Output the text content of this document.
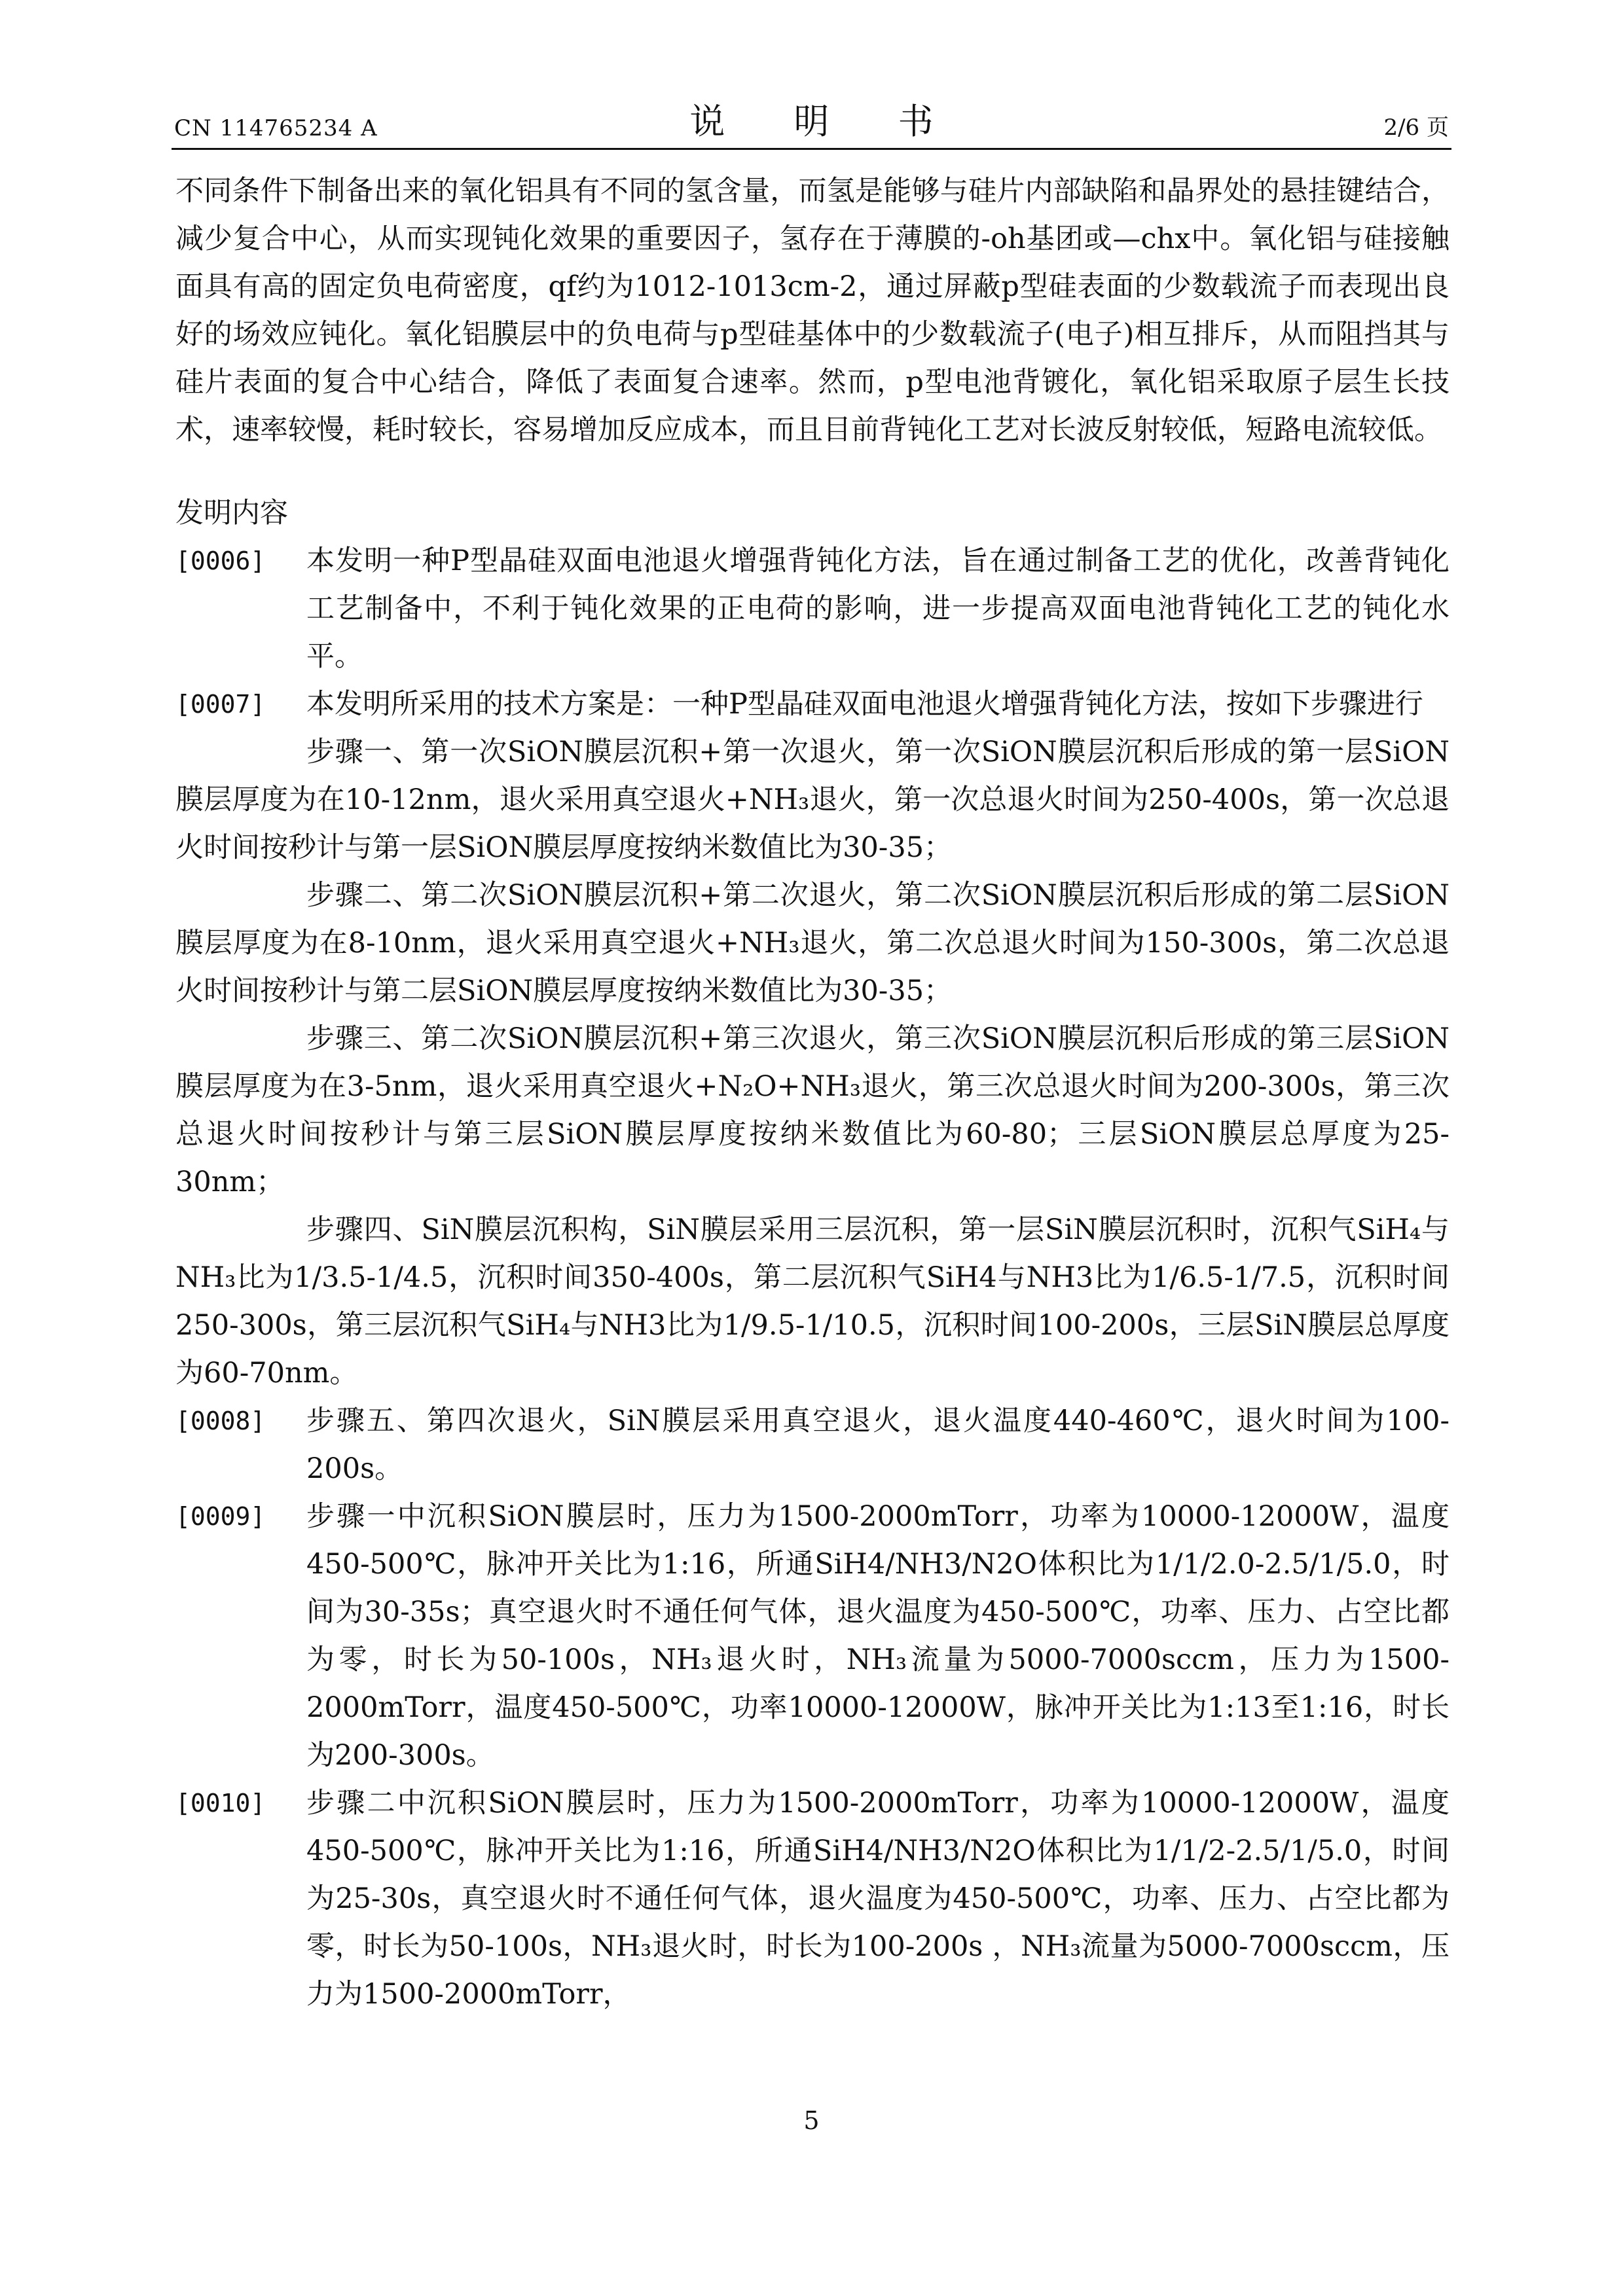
CN 114765234 A	说 明 书	2/6 页

不同条件下制备出来的氧化铝具有不同的氢含量，而氢是能够与硅片内部缺陷和晶界处的悬挂键结合，减少复合中心，从而实现钝化效果的重要因子，氢存在于薄膜的-oh基团或—chx中。氧化铝与硅接触面具有高的固定负电荷密度，qf约为1012-1013cm-2，通过屏蔽p型硅表面的少数载流子而表现出良好的场效应钝化。氧化铝膜层中的负电荷与p型硅基体中的少数载流子(电子)相互排斥，从而阻挡其与硅片表面的复合中心结合，降低了表面复合速率。然而，p型电池背镀化，氧化铝采取原子层生长技术，速率较慢，耗时较长，容易增加反应成本，而且目前背钝化工艺对长波反射较低，短路电流较低。

发明内容

[0006]	本发明一种P型晶硅双面电池退火增强背钝化方法，旨在通过制备工艺的优化，改善背钝化工艺制备中，不利于钝化效果的正电荷的影响，进一步提高双面电池背钝化工艺的钝化水平。
[0007]	本发明所采用的技术方案是：一种P型晶硅双面电池退火增强背钝化方法，按如下步骤进行

步骤一、第一次SiON膜层沉积+第一次退火，第一次SiON膜层沉积后形成的第一层SiON膜层厚度为在10-12nm，退火采用真空退火+NH₃退火，第一次总退火时间为250-400s，第一次总退火时间按秒计与第一层SiON膜层厚度按纳米数值比为30-35；

步骤二、第二次SiON膜层沉积+第二次退火，第二次SiON膜层沉积后形成的第二层SiON膜层厚度为在8-10nm，退火采用真空退火+NH₃退火，第二次总退火时间为150-300s，第二次总退火时间按秒计与第二层SiON膜层厚度按纳米数值比为30-35；

步骤三、第二次SiON膜层沉积+第三次退火，第三次SiON膜层沉积后形成的第三层SiON膜层厚度为在3-5nm，退火采用真空退火+N₂O+NH₃退火，第三次总退火时间为200-300s，第三次总退火时间按秒计与第三层SiON膜层厚度按纳米数值比为60-80；三层SiON膜层总厚度为25-30nm；

步骤四、SiN膜层沉积构，SiN膜层采用三层沉积，第一层SiN膜层沉积时，沉积气SiH₄与NH₃比为1/3.5-1/4.5，沉积时间350-400s，第二层沉积气SiH4与NH3比为1/6.5-1/7.5，沉积时间250-300s，第三层沉积气SiH₄与NH3比为1/9.5-1/10.5，沉积时间100-200s，三层SiN膜层总厚度为60-70nm。

[0008]	步骤五、第四次退火，SiN膜层采用真空退火，退火温度440-460℃，退火时间为100-200s。
[0009]	步骤一中沉积SiON膜层时，压力为1500-2000mTorr，功率为10000-12000W，温度450-500℃，脉冲开关比为1:16，所通SiH4/NH3/N2O体积比为1/1/2.0-2.5/1/5.0，时间为30-35s；真空退火时不通任何气体，退火温度为450-500℃，功率、压力、占空比都为零，时长为50-100s，NH₃退火时，NH₃流量为5000-7000sccm，压力为1500-2000mTorr，温度450-500℃，功率10000-12000W，脉冲开关比为1:13至1:16，时长为200-300s。
[0010]	步骤二中沉积SiON膜层时，压力为1500-2000mTorr，功率为10000-12000W，温度450-500℃，脉冲开关比为1:16，所通SiH4/NH3/N2O体积比为1/1/2-2.5/1/5.0，时间为25-30s，真空退火时不通任何气体，退火温度为450-500℃，功率、压力、占空比都为零，时长为50-100s，NH₃退火时，时长为100-200s ，NH₃流量为5000-7000sccm，压力为1500-2000mTorr，
5
